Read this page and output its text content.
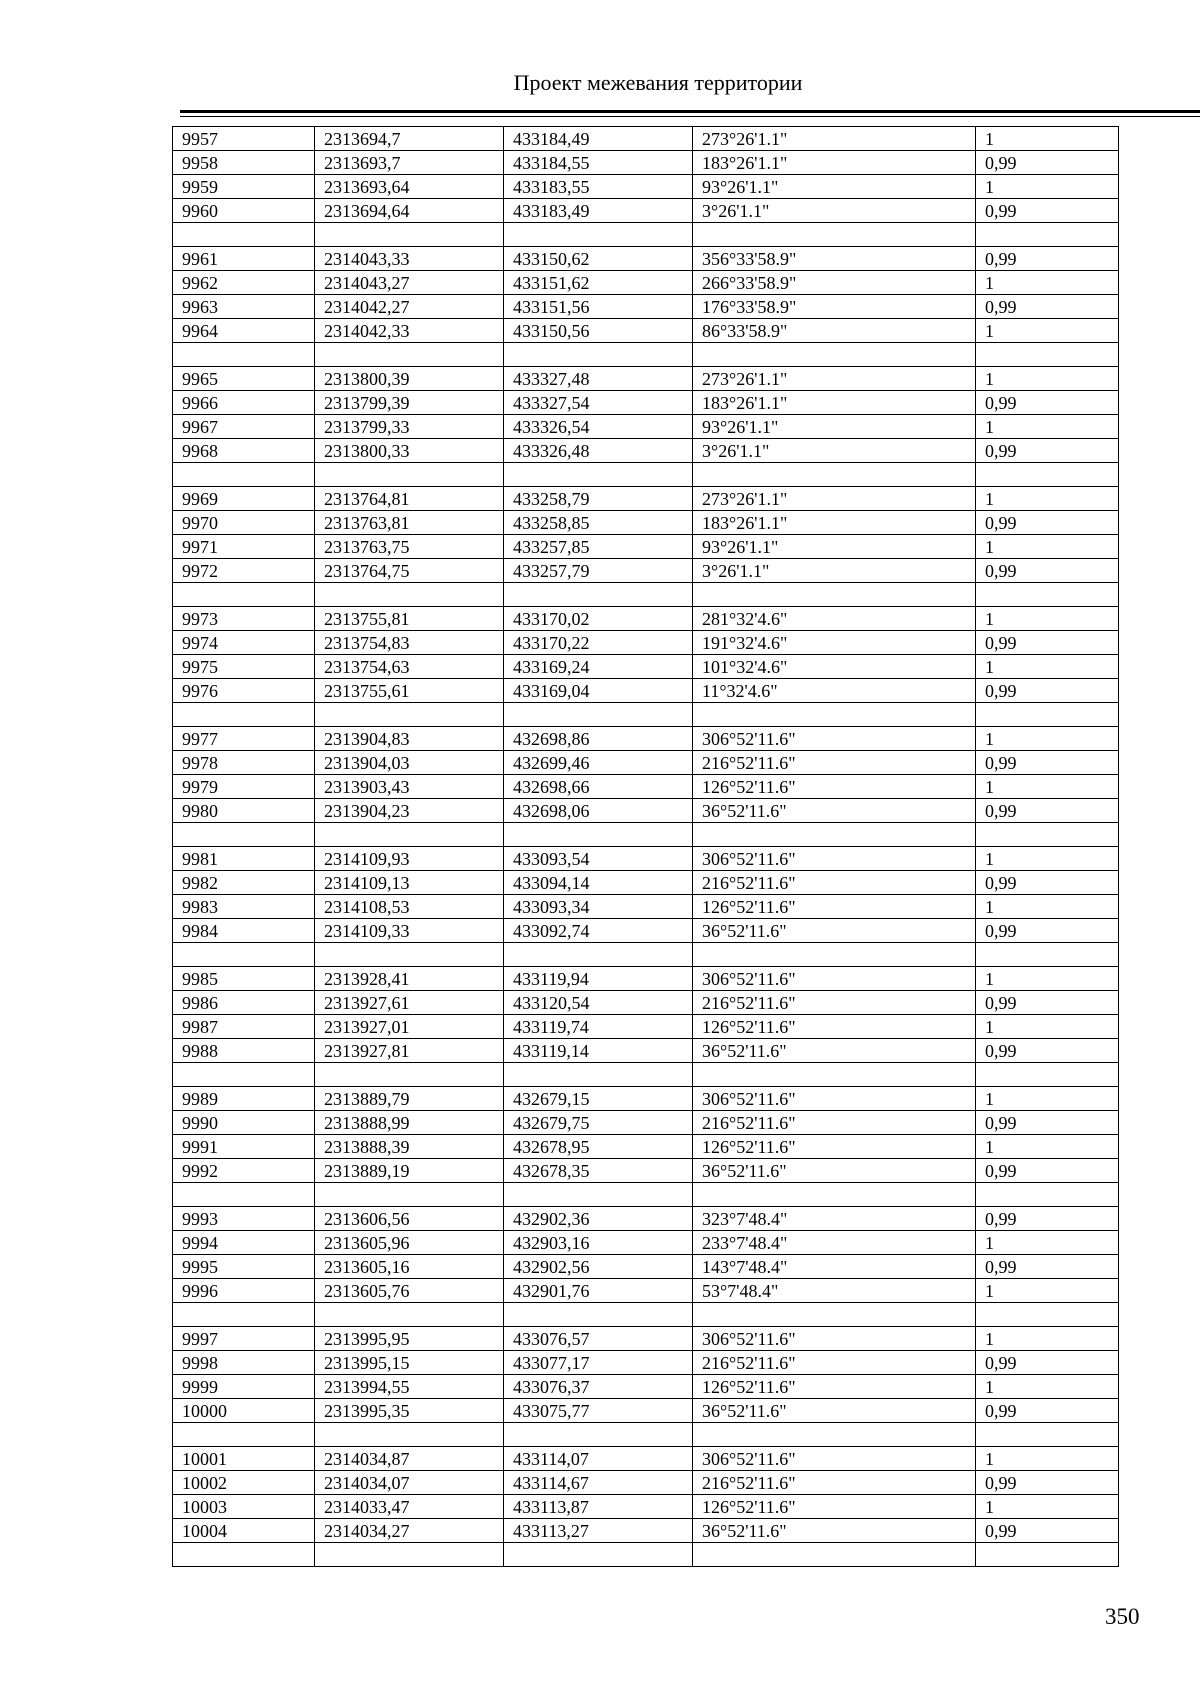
Проект межевания территории
9957	2313694,7	433184,49	273°26'1.1"	1
9958	2313693,7	433184,55	183°26'1.1"	0,99
9959	2313693,64	433183,55	93°26'1.1"	1
9960	2313694,64	433183,49	3°26'1.1"	0,99

9961	2314043,33	433150,62	356°33'58.9"	0,99
9962	2314043,27	433151,62	266°33'58.9"	1
9963	2314042,27	433151,56	176°33'58.9"	0,99
9964	2314042,33	433150,56	86°33'58.9"	1

9965	2313800,39	433327,48	273°26'1.1"	1
9966	2313799,39	433327,54	183°26'1.1"	0,99
9967	2313799,33	433326,54	93°26'1.1"	1
9968	2313800,33	433326,48	3°26'1.1"	0,99

9969	2313764,81	433258,79	273°26'1.1"	1
9970	2313763,81	433258,85	183°26'1.1"	0,99
9971	2313763,75	433257,85	93°26'1.1"	1
9972	2313764,75	433257,79	3°26'1.1"	0,99

9973	2313755,81	433170,02	281°32'4.6"	1
9974	2313754,83	433170,22	191°32'4.6"	0,99
9975	2313754,63	433169,24	101°32'4.6"	1
9976	2313755,61	433169,04	11°32'4.6"	0,99

9977	2313904,83	432698,86	306°52'11.6"	1
9978	2313904,03	432699,46	216°52'11.6"	0,99
9979	2313903,43	432698,66	126°52'11.6"	1
9980	2313904,23	432698,06	36°52'11.6"	0,99

9981	2314109,93	433093,54	306°52'11.6"	1
9982	2314109,13	433094,14	216°52'11.6"	0,99
9983	2314108,53	433093,34	126°52'11.6"	1
9984	2314109,33	433092,74	36°52'11.6"	0,99

9985	2313928,41	433119,94	306°52'11.6"	1
9986	2313927,61	433120,54	216°52'11.6"	0,99
9987	2313927,01	433119,74	126°52'11.6"	1
9988	2313927,81	433119,14	36°52'11.6"	0,99

9989	2313889,79	432679,15	306°52'11.6"	1
9990	2313888,99	432679,75	216°52'11.6"	0,99
9991	2313888,39	432678,95	126°52'11.6"	1
9992	2313889,19	432678,35	36°52'11.6"	0,99

9993	2313606,56	432902,36	323°7'48.4"	0,99
9994	2313605,96	432903,16	233°7'48.4"	1
9995	2313605,16	432902,56	143°7'48.4"	0,99
9996	2313605,76	432901,76	53°7'48.4"	1

9997	2313995,95	433076,57	306°52'11.6"	1
9998	2313995,15	433077,17	216°52'11.6"	0,99
9999	2313994,55	433076,37	126°52'11.6"	1
10000	2313995,35	433075,77	36°52'11.6"	0,99

10001	2314034,87	433114,07	306°52'11.6"	1
10002	2314034,07	433114,67	216°52'11.6"	0,99
10003	2314033,47	433113,87	126°52'11.6"	1
10004	2314034,27	433113,27	36°52'11.6"	0,99

350
